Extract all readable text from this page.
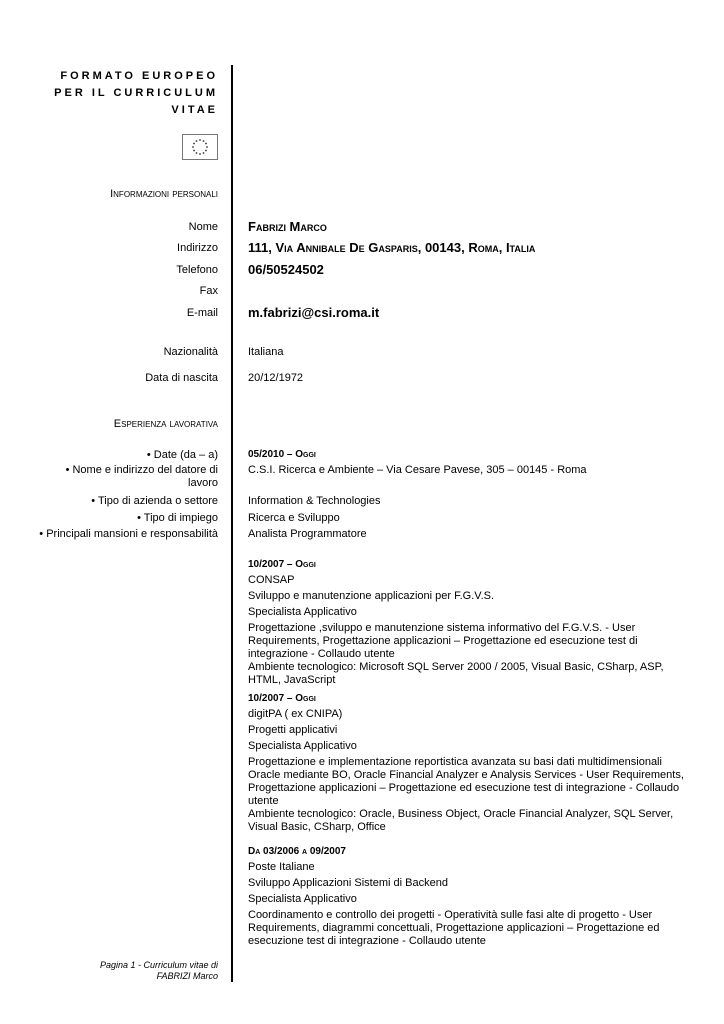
FORMATO EUROPEO
PER IL CURRICULUM
VITAE
Informazioni personali
Nome Fabrizi Marco
Indirizzo 111, Via Annibale De Gasparis, 00143, Roma, Italia
Telefono 06/50524502
Fax
E-mail m.fabrizi@csi.roma.it
Nazionalità	Italiana
Data di nascita	20/12/1972
Esperienza lavorativa
• Date (da – a)
• Nome e indirizzo del datore di lavoro
• Tipo di azienda o settore
• Tipo di impiego
• Principali mansioni e responsabilità
05/2010 – Oggi
C.S.I. Ricerca e Ambiente – Via Cesare Pavese, 305 – 00145 - Roma
Information & Technologies
Ricerca e Sviluppo
Analista Programmatore
10/2007 – Oggi
CONSAP
Sviluppo e manutenzione applicazioni per F.G.V.S.
Specialista Applicativo
Progettazione ,sviluppo e manutenzione sistema informativo del F.G.V.S. - User Requirements, Progettazione applicazioni – Progettazione ed esecuzione test di integrazione - Collaudo utente
Ambiente tecnologico: Microsoft SQL Server 2000 / 2005, Visual Basic, CSharp, ASP, HTML, JavaScript
10/2007 – Oggi
digitPA ( ex CNIPA)
Progetti applicativi
Specialista Applicativo
Progettazione e implementazione reportistica avanzata su basi dati multidimensionali Oracle mediante BO, Oracle Financial Analyzer e Analysis Services - User Requirements, Progettazione applicazioni – Progettazione ed esecuzione test di integrazione - Collaudo utente
Ambiente tecnologico: Oracle, Business Object, Oracle Financial Analyzer, SQL Server, Visual Basic, CSharp, Office
Da 03/2006 a 09/2007
Poste Italiane
Sviluppo Applicazioni Sistemi di Backend
Specialista Applicativo
Coordinamento e controllo dei progetti - Operatività sulle fasi alte di progetto - User Requirements, diagrammi concettuali, Progettazione applicazioni – Progettazione ed esecuzione test di integrazione - Collaudo utente
Pagina 1 - Curriculum vitae di
FABRIZI Marco
